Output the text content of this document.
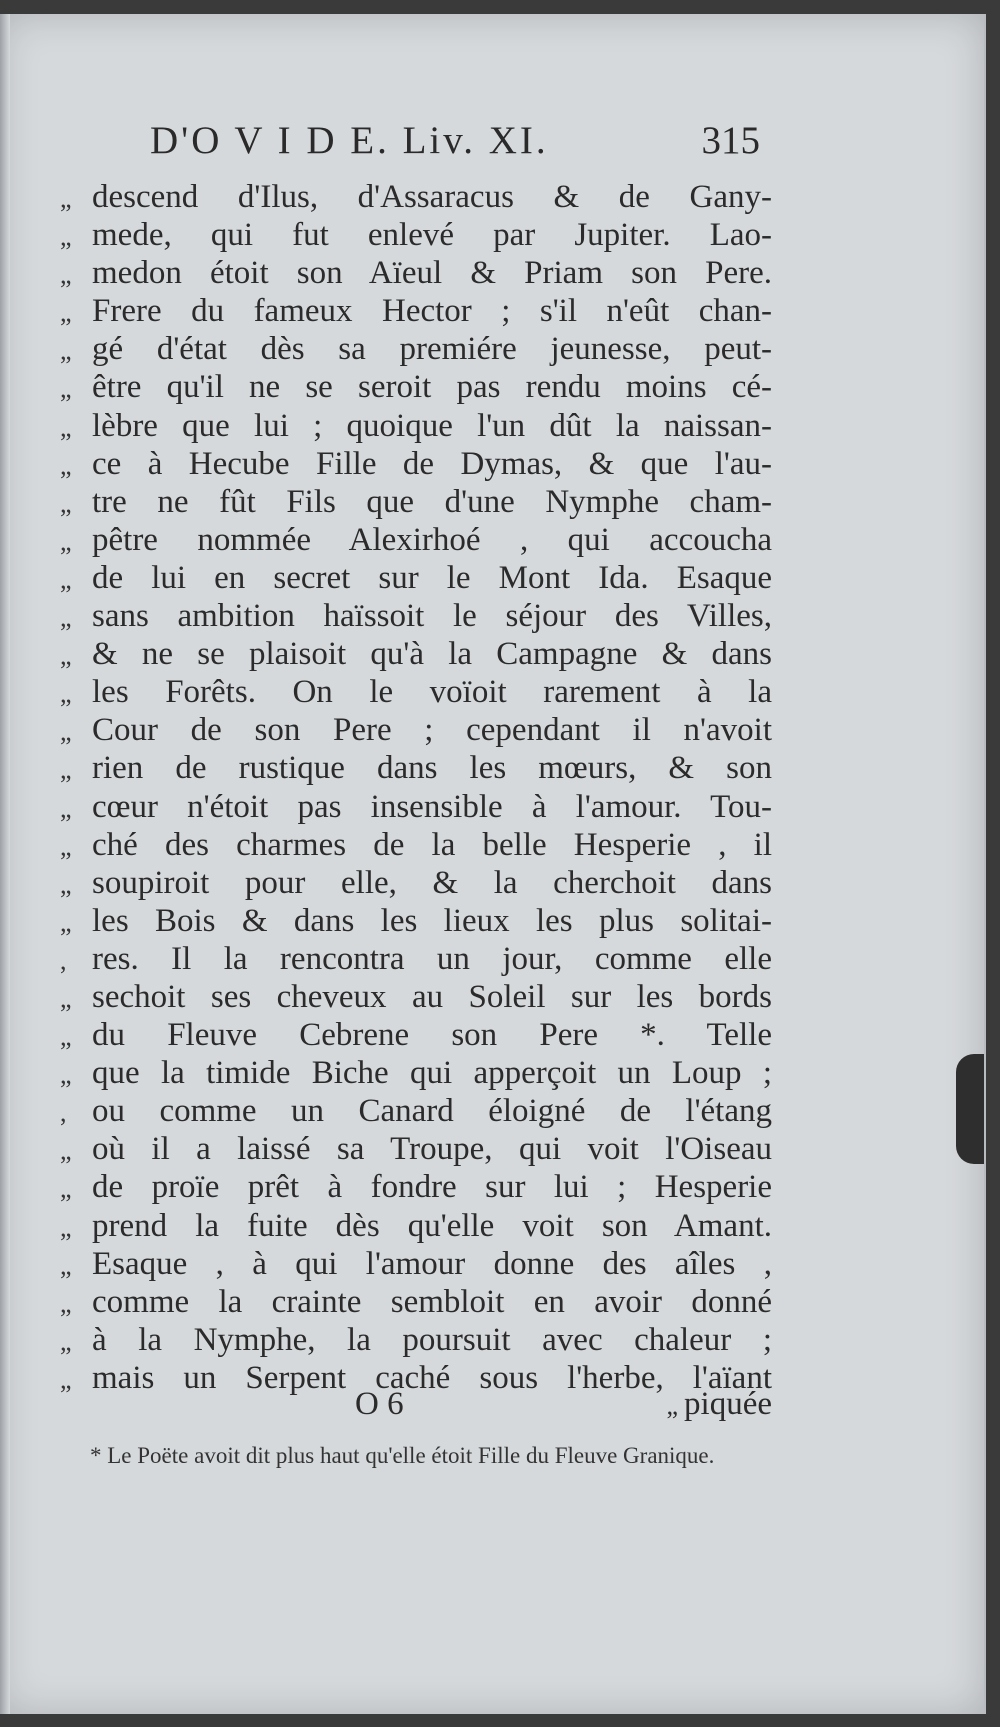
D'O V I D E. Liv. XI.	315
„ descend d'Ilus, d'Assaracus & de Gany-
„ mede, qui fut enlevé par Jupiter. Lao-
„ medon étoit son Aïeul & Priam son Pere.
„ Frere du fameux Hector ; s'il n'eût chan-
„ gé d'état dès sa premiére jeunesse, peut-
„ être qu'il ne se seroit pas rendu moins cé-
„ lèbre que lui ; quoique l'un dût la naissan-
„ ce à Hecube Fille de Dymas, & que l'au-
„ tre ne fût Fils que d'une Nymphe cham-
„ pêtre nommée Alexirhoé , qui accoucha
„ de lui en secret sur le Mont Ida. Esaque
„ sans ambition haïssoit le séjour des Villes,
„ & ne se plaisoit qu'à la Campagne & dans
„ les Forêts. On le voïoit rarement à la
„ Cour de son Pere ; cependant il n'avoit
„ rien de rustique dans les mœurs, & son
„ cœur n'étoit pas insensible à l'amour. Tou-
„ ché des charmes de la belle Hesperie , il
„ soupiroit pour elle, & la cherchoit dans
„ les Bois & dans les lieux les plus solitai-
, res. Il la rencontra un jour, comme elle
„ sechoit ses cheveux au Soleil sur les bords
„ du Fleuve Cebrene son Pere *. Telle
„ que la timide Biche qui apperçoit un Loup ;
, ou comme un Canard éloigné de l'étang
„ où il a laissé sa Troupe, qui voit l'Oiseau
„ de proïe prêt à fondre sur lui ; Hesperie
„ prend la fuite dès qu'elle voit son Amant.
„ Esaque , à qui l'amour donne des aîles ,
„ comme la crainte sembloit en avoir donné
„ à la Nymphe, la poursuit avec chaleur ;
„ mais un Serpent caché sous l'herbe, l'aïant
O 6	„ piquée
* Le Poëte avoit dit plus haut qu'elle étoit Fille du Fleuve Granique.
